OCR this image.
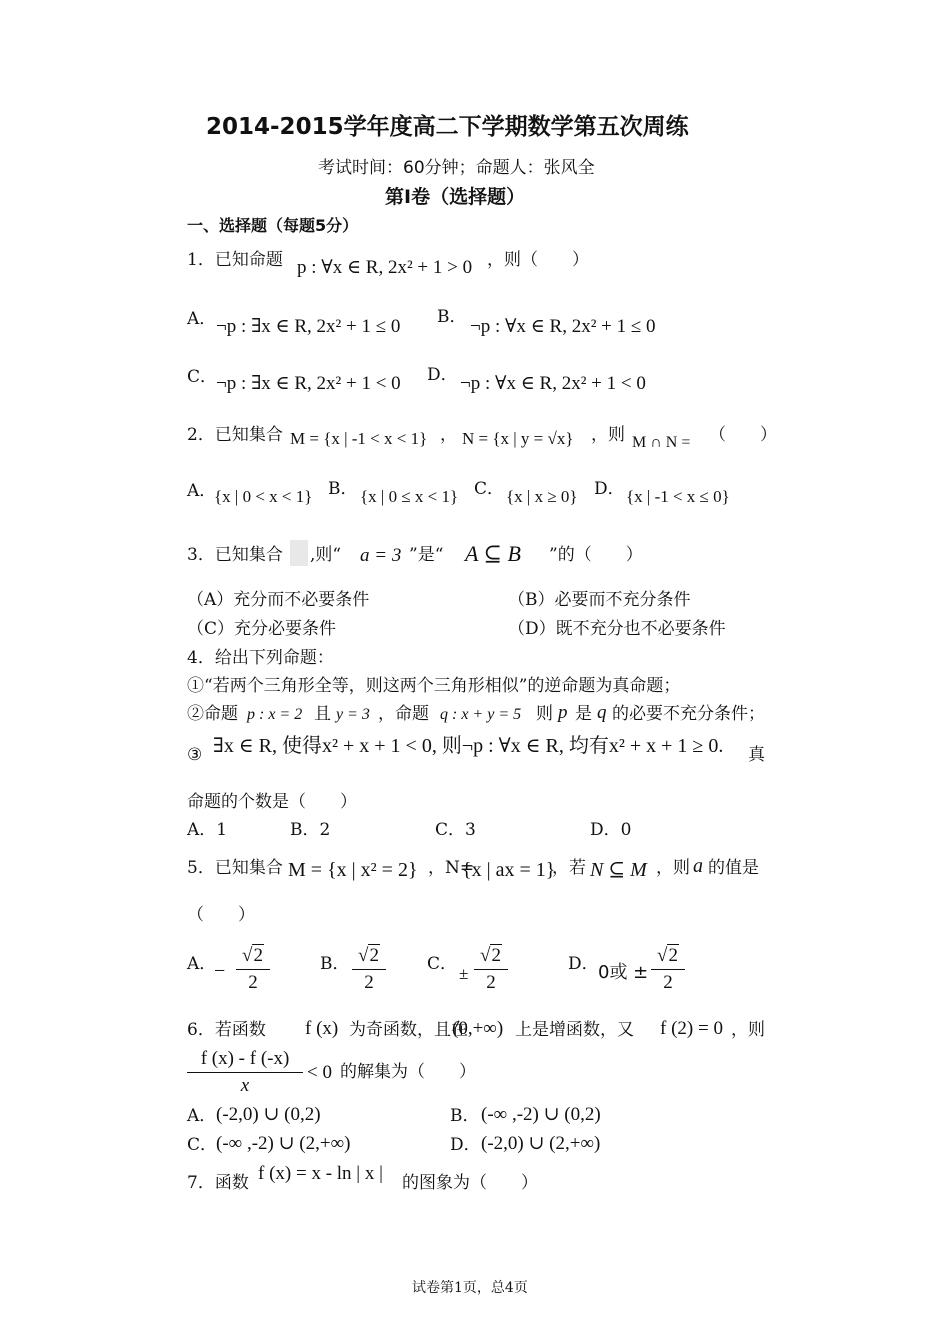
2014-2015学年度高二下学期数学第五次周练
考试时间：60分钟；命题人：张风全
第Ⅰ卷（选择题）
一、选择题（每题5分）
1．已知命题 p : ∀x ∈ R, 2x² + 1 > 0 ，则（　　）
A． ¬p : ∃x ∈ R, 2x² + 1 ≤ 0 B． ¬p : ∀x ∈ R, 2x² + 1 ≤ 0
C．
¬p : ∃x ∈ R, 2x² + 1 < 0 D． ¬p : ∀x ∈ R, 2x² + 1 < 0
2．已知集合 M = {x | -1 < x < 1} ， N = {x | y = √x} ，则 M ∩ N = （　　）
A．
{x | 0 < x < 1} B． {x | 0 ≤ x < 1} C． {x | x ≥ 0} D． {x | -1 < x ≤ 0}
3．已知集合 ,则“ a = 3 ”是“ A ⊆ B ”的（　　）
（A）充分而不必要条件	（B）必要而不充分条件
（C）充分必要条件	（D）既不充分也不必要条件
4．给出下列命题：
①“若两个三角形全等，则这两个三角形相似”的逆命题为真命题；
②命题 p : x = 2 且 y = 3 ，命题 q : x + y = 5 则 p 是 q 的必要不充分条件；
③ ∃x ∈ R, 使得x² + x + 1 < 0, 则¬p : ∀x ∈ R, 均有x² + x + 1 ≥ 0. 真
命题的个数是（　　）
A．1	B．2	C．3	D．0
5．已知集合 M = {x | x² = 2} ，N=
{x | ax = 1}
，若 N ⊆ M ，则 a 的值是
（　　）
A．
−
√2
2
B． √2
2
C． ±
√2
2
D． 0或 ±
√2
2
6．若函数 f (x) 为奇函数，且在
(0,+∞) 上是增函数，又 f (2) = 0 ，则
f (x) - f (-x)
x
< 0 的解集为（　　）
A． (-2,0) ∪ (0,2)	B． (-∞ ,-2) ∪ (0,2)
C．
(-∞ ,-2) ∪ (2,+∞)	D． (-2,0) ∪ (2,+∞)
7．函数 f (x) = x - ln | x | 的图象为（　　）
试卷第1页，总4页
